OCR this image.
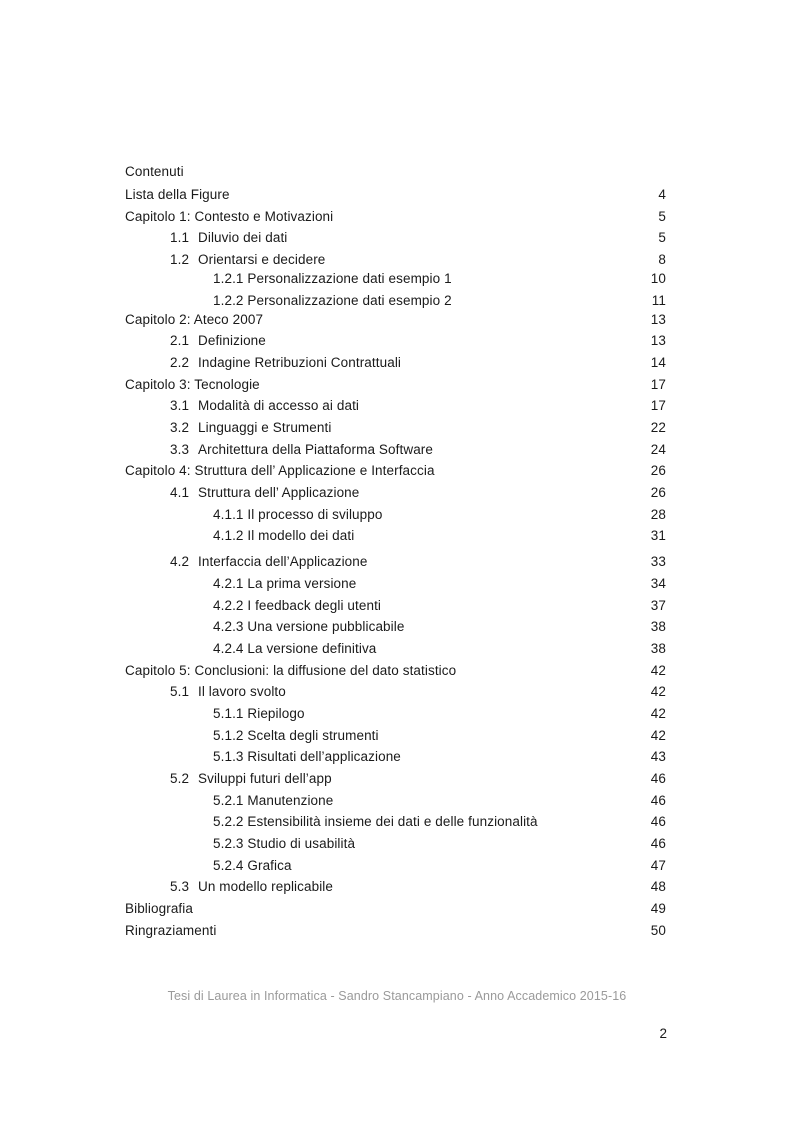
Contenuti
Lista della Figure	4
Capitolo 1: Contesto e Motivazioni	5
1.1 Diluvio dei dati	5
1.2 Orientarsi e decidere	8
1.2.1 Personalizzazione dati esempio 1	10
1.2.2 Personalizzazione dati esempio 2	11
Capitolo 2: Ateco 2007	13
2.1 Definizione	13
2.2 Indagine Retribuzioni Contrattuali	14
Capitolo 3: Tecnologie	17
3.1 Modalità di accesso ai dati	17
3.2 Linguaggi e Strumenti	22
3.3 Architettura della Piattaforma Software	24
Capitolo 4: Struttura dell’ Applicazione e Interfaccia	26
4.1 Struttura dell’ Applicazione	26
4.1.1 Il processo di sviluppo	28
4.1.2 Il modello dei dati	31
4.2 Interfaccia dell’Applicazione	33
4.2.1 La prima versione	34
4.2.2 I feedback degli utenti	37
4.2.3 Una versione pubblicabile	38
4.2.4 La versione definitiva	38
Capitolo 5: Conclusioni: la diffusione del dato statistico	42
5.1 Il lavoro svolto	42
5.1.1 Riepilogo	42
5.1.2 Scelta degli strumenti	42
5.1.3 Risultati dell’applicazione	43
5.2 Sviluppi futuri dell’app	46
5.2.1 Manutenzione	46
5.2.2 Estensibilità insieme dei dati e delle funzionalità	46
5.2.3 Studio di usabilità	46
5.2.4 Grafica	47
5.3 Un modello replicabile	48
Bibliografia	49
Ringraziamenti	50
Tesi di Laurea in Informatica - Sandro Stancampiano - Anno Accademico 2015-16
2
